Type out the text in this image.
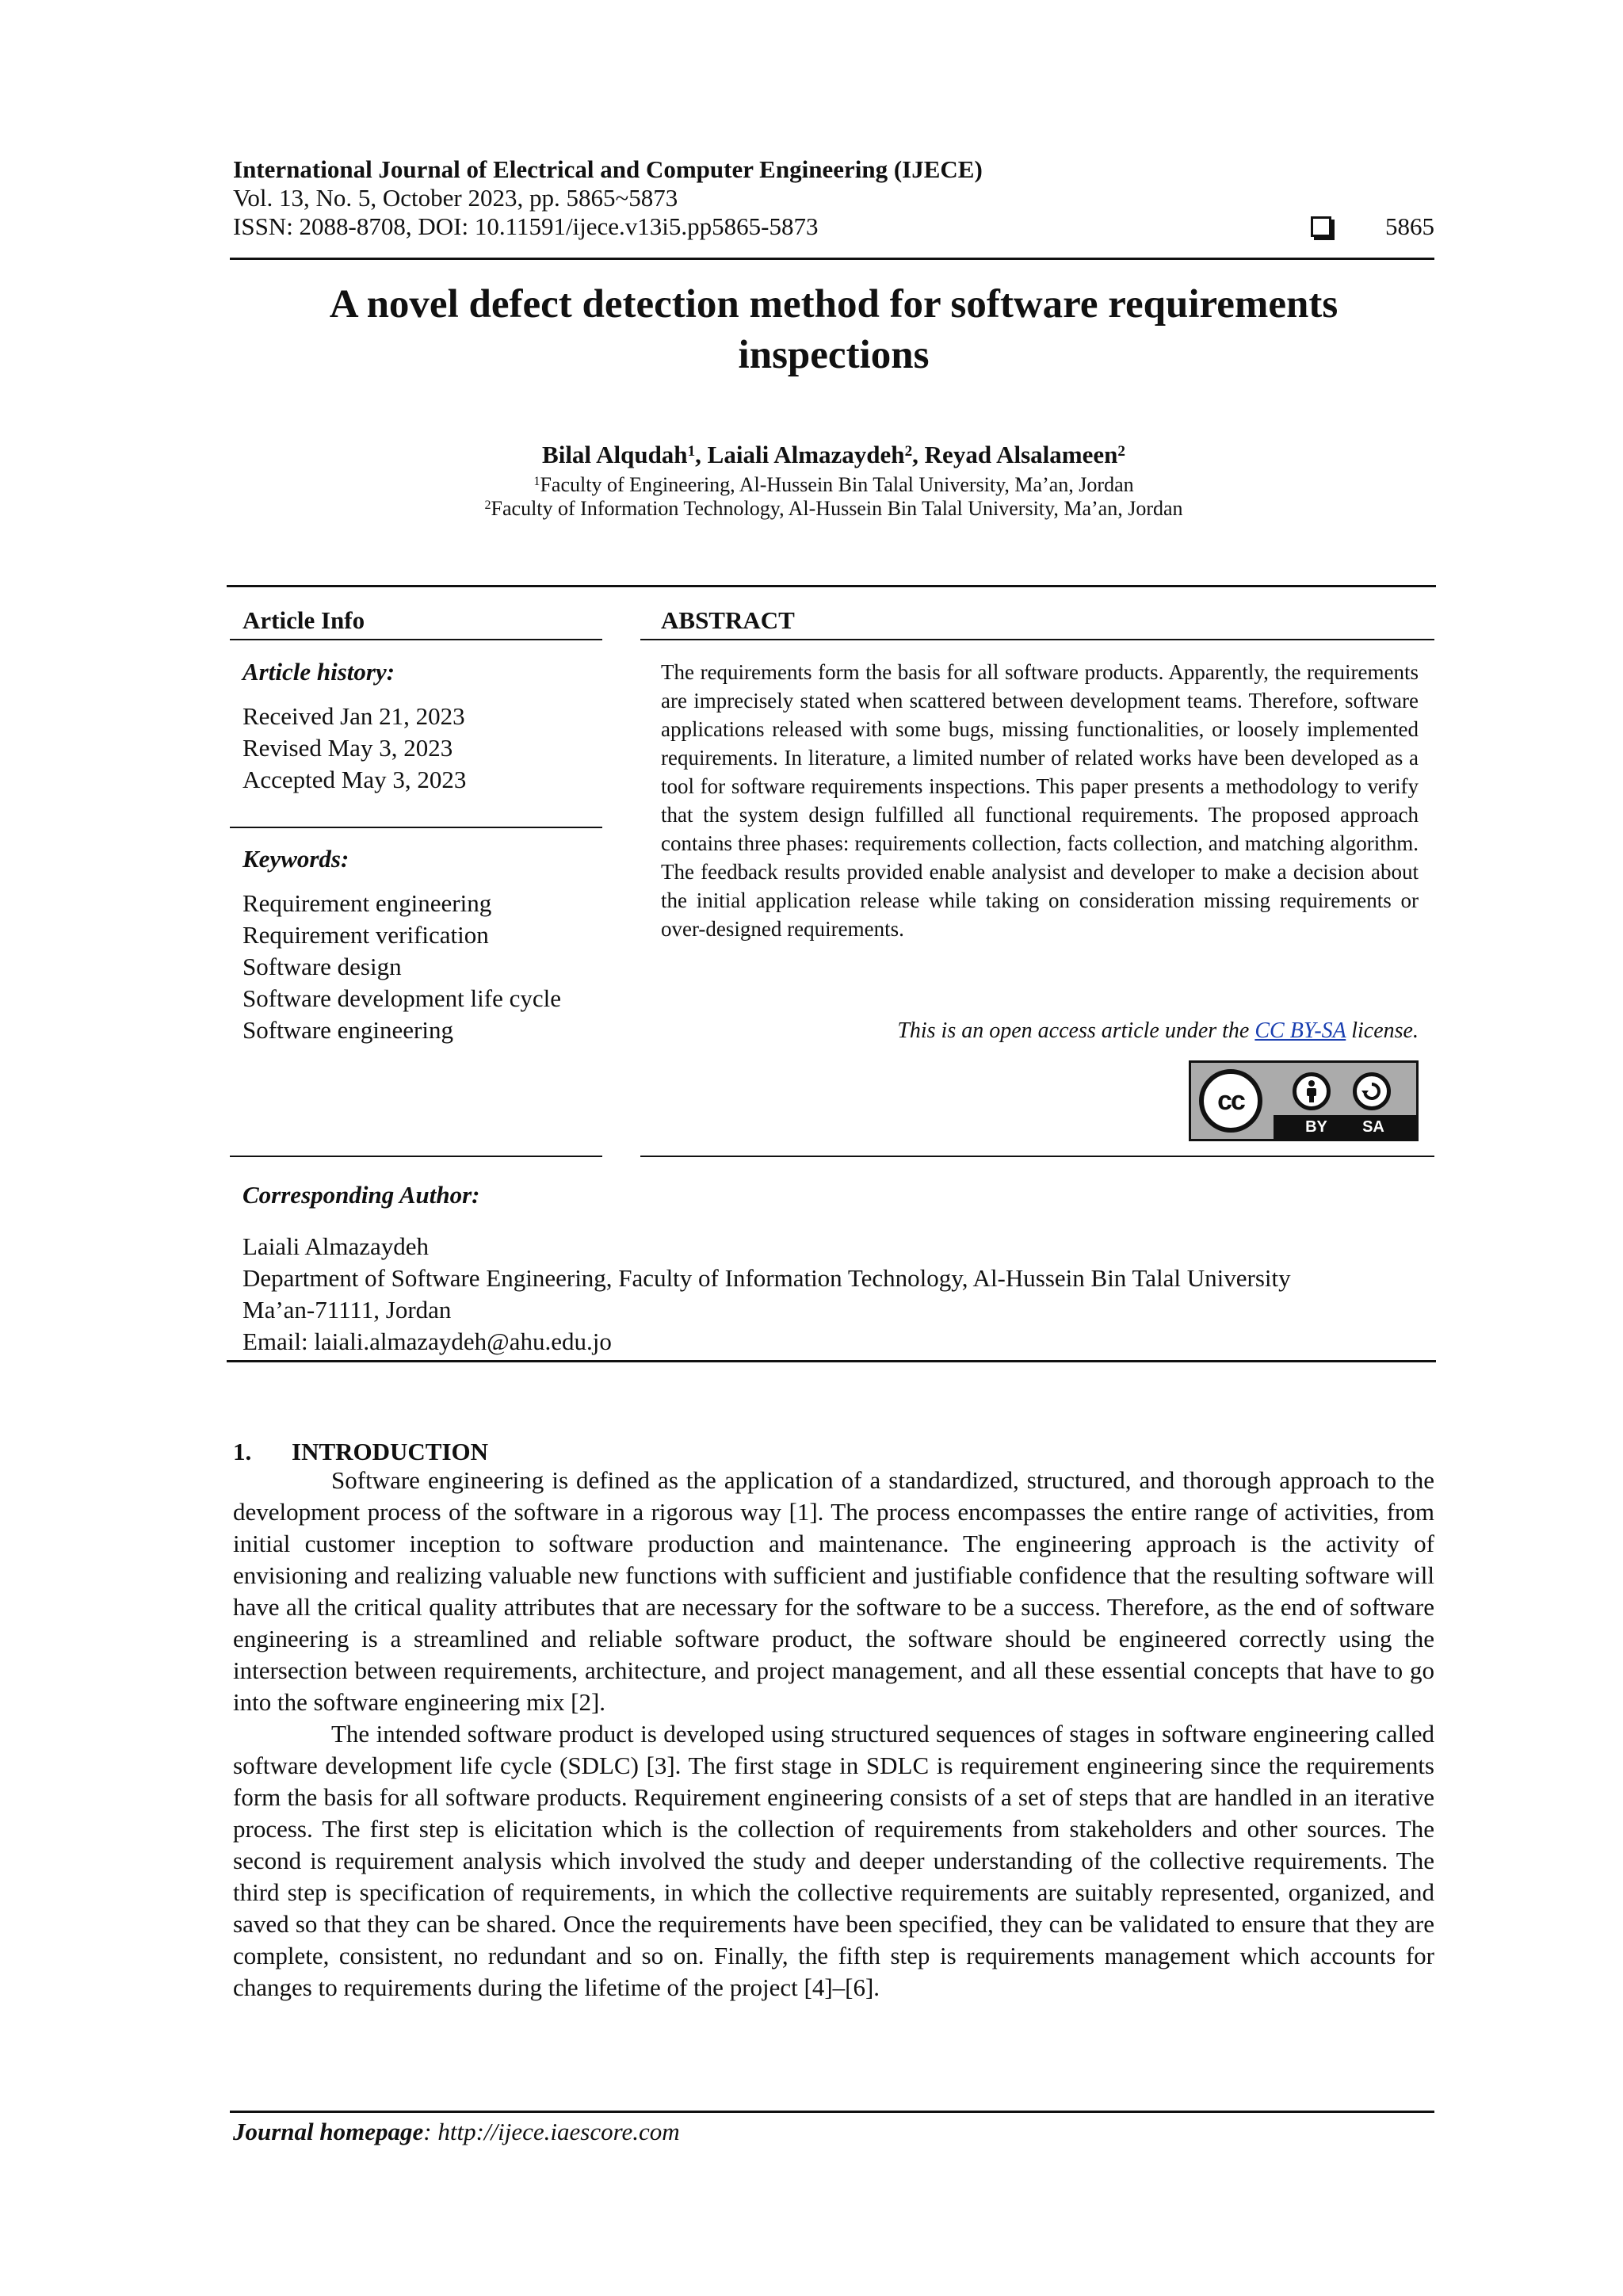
International Journal of Electrical and Computer Engineering (IJECE)
Vol. 13, No. 5, October 2023, pp. 5865~5873
ISSN: 2088-8708, DOI: 10.11591/ijece.v13i5.pp5865-5873	5865
A novel defect detection method for software requirements
inspections
Bilal Alqudah$^1$, Laiali Almazaydeh$^2$, Reyad Alsalameen$^2$
$^1$Faculty of Engineering, Al-Hussein Bin Talal University, Ma’an, Jordan
$^2$Faculty of Information Technology, Al-Hussein Bin Talal University, Ma’an, Jordan
Article Info
Article history:
Received Jan 21, 2023
Revised May 3, 2023
Accepted May 3, 2023
Keywords:
Requirement engineering
Requirement verification
Software design
Software development life cycle
Software engineering
ABSTRACT
The requirements form the basis for all software products. Apparently, the requirements are imprecisely stated when scattered between development teams. Therefore, software applications released with some bugs, missing functionalities, or loosely implemented requirements. In literature, a limited number of related works have been developed as a tool for software requirements inspections. This paper presents a methodology to verify that the system design fulfilled all functional requirements. The proposed approach contains three phases: requirements collection, facts collection, and matching algorithm. The feedback results provided enable analysist and developer to make a decision about the initial application release while taking on consideration missing requirements or over-designed requirements.
This is an open access article under the CC BY-SA license.
cc
BY SA
Corresponding Author:
Laiali Almazaydeh
Department of Software Engineering, Faculty of Information Technology, Al-Hussein Bin Talal University
Ma’an-71111, Jordan
Email: laiali.almazaydeh@ahu.edu.jo
1. INTRODUCTION

Software engineering is defined as the application of a standardized, structured, and thorough approach to the development process of the software in a rigorous way [1]. The process encompasses the entire range of activities, from initial customer inception to software production and maintenance. The engineering approach is the activity of envisioning and realizing valuable new functions with sufficient and justifiable confidence that the resulting software will have all the critical quality attributes that are necessary for the software to be a success. Therefore, as the end of software engineering is a streamlined and reliable software product, the software should be engineered correctly using the intersection between requirements, architecture, and project management, and all these essential concepts that have to go into the software engineering mix [2].

The intended software product is developed using structured sequences of stages in software engineering called software development life cycle (SDLC) [3]. The first stage in SDLC is requirement engineering since the requirements form the basis for all software products. Requirement engineering consists of a set of steps that are handled in an iterative process. The first step is elicitation which is the collection of requirements from stakeholders and other sources. The second is requirement analysis which involved the study and deeper understanding of the collective requirements. The third step is specification of requirements, in which the collective requirements are suitably represented, organized, and saved so that they can be shared. Once the requirements have been specified, they can be validated to ensure that they are complete, consistent, no redundant and so on. Finally, the fifth step is requirements management which accounts for changes to requirements during the lifetime of the project [4]–[6].

Journal homepage: http://ijece.iaescore.com
